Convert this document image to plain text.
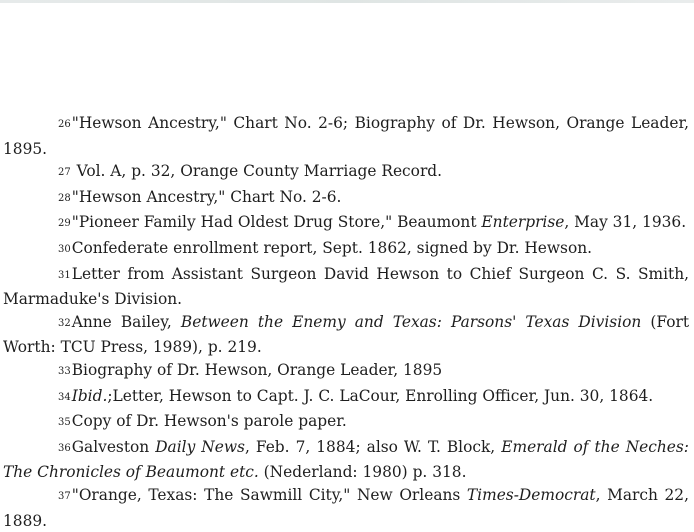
$^{26}$"Hewson Ancestry," Chart No. 2-6; Biography of Dr. Hewson, Orange Leader, 1895.

$^{27}$ Vol. A, p. 32, Orange County Marriage Record.

$^{28}$"Hewson Ancestry," Chart No. 2-6.

$^{29}$"Pioneer Family Had Oldest Drug Store," Beaumont Enterprise, May 31, 1936.

$^{30}$Confederate enrollment report, Sept. 1862, signed by Dr. Hewson.

$^{31}$Letter from Assistant Surgeon David Hewson to Chief Surgeon C. S. Smith, Marmaduke's Division.

$^{32}$Anne Bailey, Between the Enemy and Texas: Parsons' Texas Division (Fort Worth: TCU Press, 1989), p. 219.

$^{33}$Biography of Dr. Hewson, Orange Leader, 1895

$^{34}$Ibid.;Letter, Hewson to Capt. J. C. LaCour, Enrolling Officer, Jun. 30, 1864.

$^{35}$Copy of Dr. Hewson's parole paper.

$^{36}$Galveston Daily News, Feb. 7, 1884; also W. T. Block, Emerald of the Neches: The Chronicles of Beaumont etc. (Nederland: 1980) p. 318.

$^{37}$"Orange, Texas: The Sawmill City," New Orleans Times-Democrat, March 22, 1889.
